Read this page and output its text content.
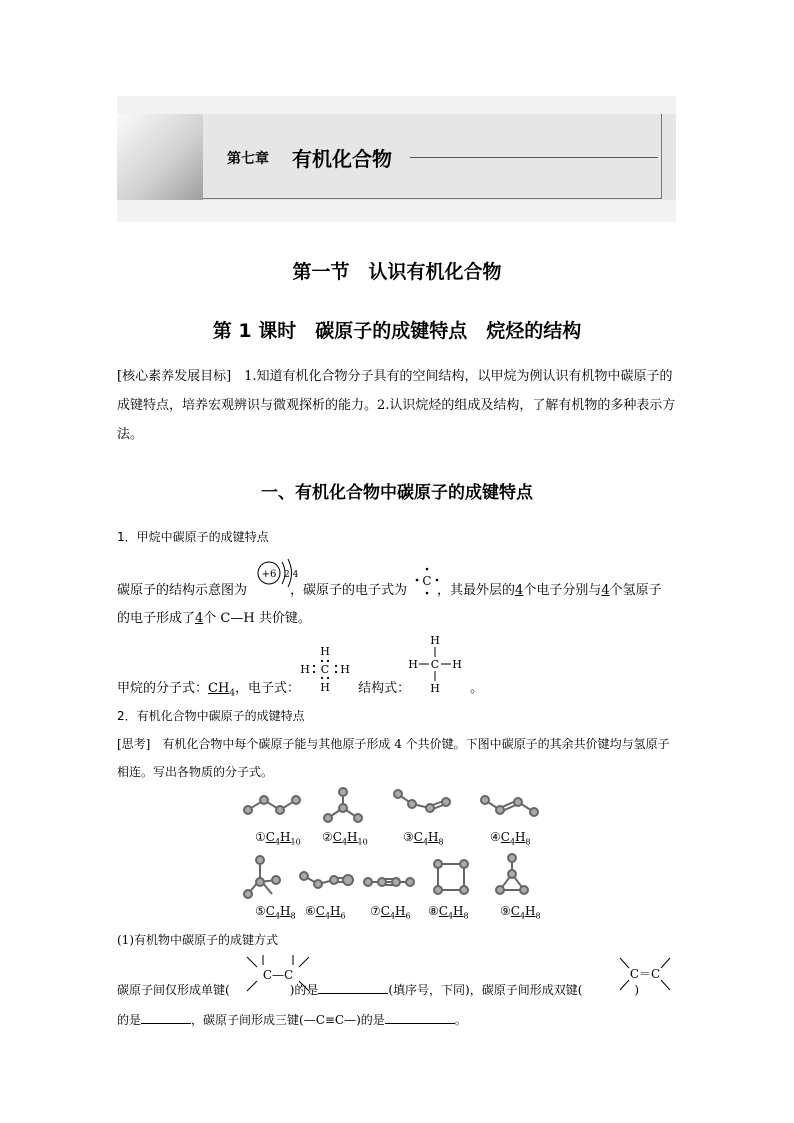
第七章 有机化合物
第一节　认识有机化合物
第 1 课时　碳原子的成键特点　烷烃的结构
[核心素养发展目标]　1.知道有机化合物分子具有的空间结构，以甲烷为例认识有机物中碳原子的成键特点，培养宏观辨识与微观探析的能力。2.认识烷烃的组成及结构，了解有机物的多种表示方法。
一、有机化合物中碳原子的成键特点
1．甲烷中碳原子的成键特点
+6 2 4	C
碳原子的结构示意图为	，碳原子的电子式为 ，其最外层的4个电子分别与4个氢原子
的电子形成了4个 C—H 共价键。
H
H C H
H
H
H C H
H
甲烷的分子式：$CH_4$，电子式：	结构式：	。
2．有机化合物中碳原子的成键特点
[思考]　有机化合物中每个碳原子能与其他原子形成 4 个共价键。下图中碳原子的其余共价键均与氢原子相连。写出各物质的分子式。
$①C_4H_{10}$ $②C_4H_{10}$	$③C_4H_8$	$④C_4H_8$
$⑤C_4H_8$ $⑥C_4H_6$ $⑦C_4H_6$ $⑧C_4H_8$	$⑨C_4H_8$
(1)有机物中碳原子的成键方式
C—C	C＝C
碳原子间仅形成单键(	)的是	(填序号，下同)，碳原子间形成双键(	)
的是	，碳原子间形成三键(—C≡C—)的是	。
